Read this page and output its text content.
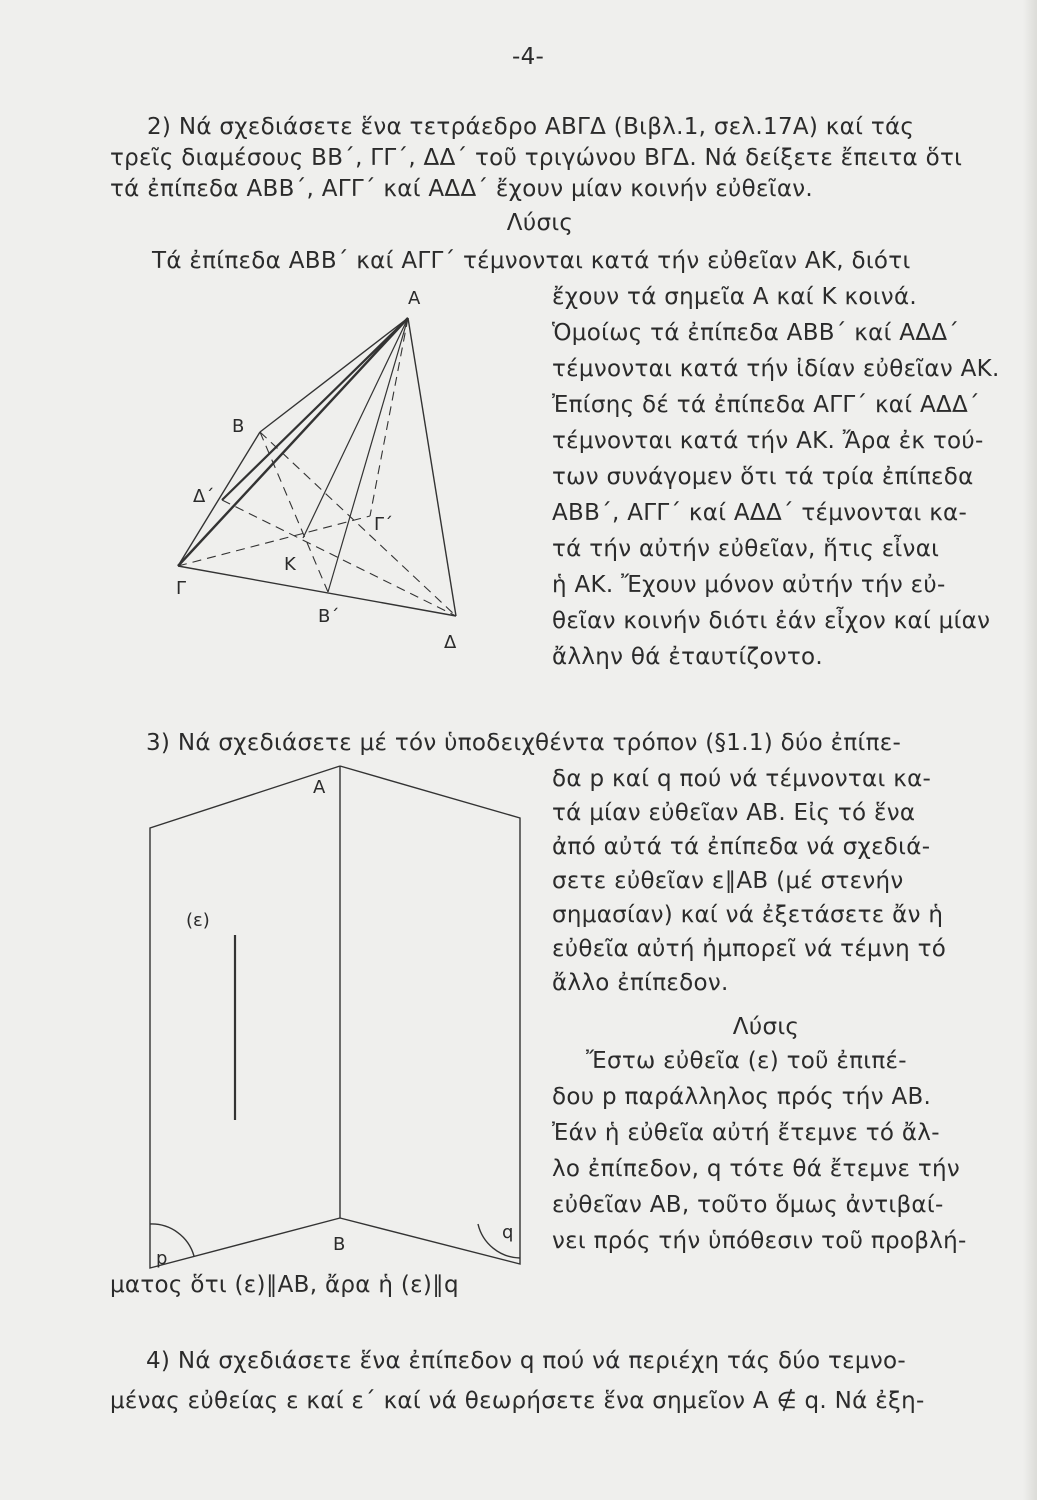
-4-
2) Νά σχεδιάσετε ἕνα τετράεδρο ΑΒΓΔ (Βιβλ.1, σελ.17Α) καί τάς
τρεῖς διαμέσους ΒΒ΄, ΓΓ΄, ΔΔ΄ τοῦ τριγώνου ΒΓΔ. Νά δείξετε ἔπειτα ὅτι
τά ἐπίπεδα ΑΒΒ΄, ΑΓΓ΄ καί ΑΔΔ΄ ἔχουν μίαν κοινήν εὐθεῖαν.
Λύσις
Τά ἐπίπεδα ΑΒΒ΄ καί ΑΓΓ΄ τέμνονται κατά τήν εὐθεῖαν ΑΚ, διότι
ἔχουν τά σημεῖα Α καί Κ κοινά.
Ὁμοίως τά ἐπίπεδα ΑΒΒ΄ καί ΑΔΔ΄
τέμνονται κατά τήν ἰδίαν εὐθεῖαν ΑΚ.
Ἐπίσης δέ τά ἐπίπεδα ΑΓΓ΄ καί ΑΔΔ΄
τέμνονται κατά τήν ΑΚ. Ἄρα ἐκ τού-
των συνάγομεν ὅτι τά τρία ἐπίπεδα
ΑΒΒ΄, ΑΓΓ΄ καί ΑΔΔ΄ τέμνονται κα-
τά τήν αὐτήν εὐθεῖαν, ἥτις εἶναι
ἡ ΑΚ. Ἔχουν μόνον αὐτήν τήν εὐ-
θεῖαν κοινήν διότι ἐάν εἶχον καί μίαν
ἄλλην θά ἐταυτίζοντο.
Α
Β
Δ΄
Γ΄
Κ
Γ
Β΄
Δ
3) Νά σχεδιάσετε μέ τόν ὑποδειχθέντα τρόπον (§1.1) δύο ἐπίπε-
δα p καί q πού νά τέμνονται κα-
τά μίαν εὐθεῖαν ΑΒ. Εἰς τό ἕνα
ἀπό αὐτά τά ἐπίπεδα νά σχεδιά-
σετε εὐθεῖαν ε∥ΑΒ (μέ στενήν
σημασίαν) καί νά ἐξετάσετε ἄν ἡ
εὐθεῖα αὐτή ἠμπορεῖ νά τέμνη τό
ἄλλο ἐπίπεδον.
Λύσις
Ἔστω εὐθεῖα (ε) τοῦ ἐπιπέ-
δου p παράλληλος πρός τήν ΑΒ.
Ἐάν ἡ εὐθεῖα αὐτή ἔτεμνε τό ἄλ-
λο ἐπίπεδον, q τότε θά ἔτεμνε τήν
εὐθεῖαν ΑΒ, τοῦτο ὅμως ἀντιβαί-
νει πρός τήν ὑπόθεσιν τοῦ προβλή-
ματος ὅτι (ε)∥ΑΒ, ἄρα ἡ (ε)∥q
Α
Β
(ε)
p
q
4) Νά σχεδιάσετε ἕνα ἐπίπεδον q πού νά περιέχη τάς δύο τεμνο-
μένας εὐθείας ε καί ε΄ καί νά θεωρήσετε ἕνα σημεῖον Α ∉ q. Νά ἐξη-
